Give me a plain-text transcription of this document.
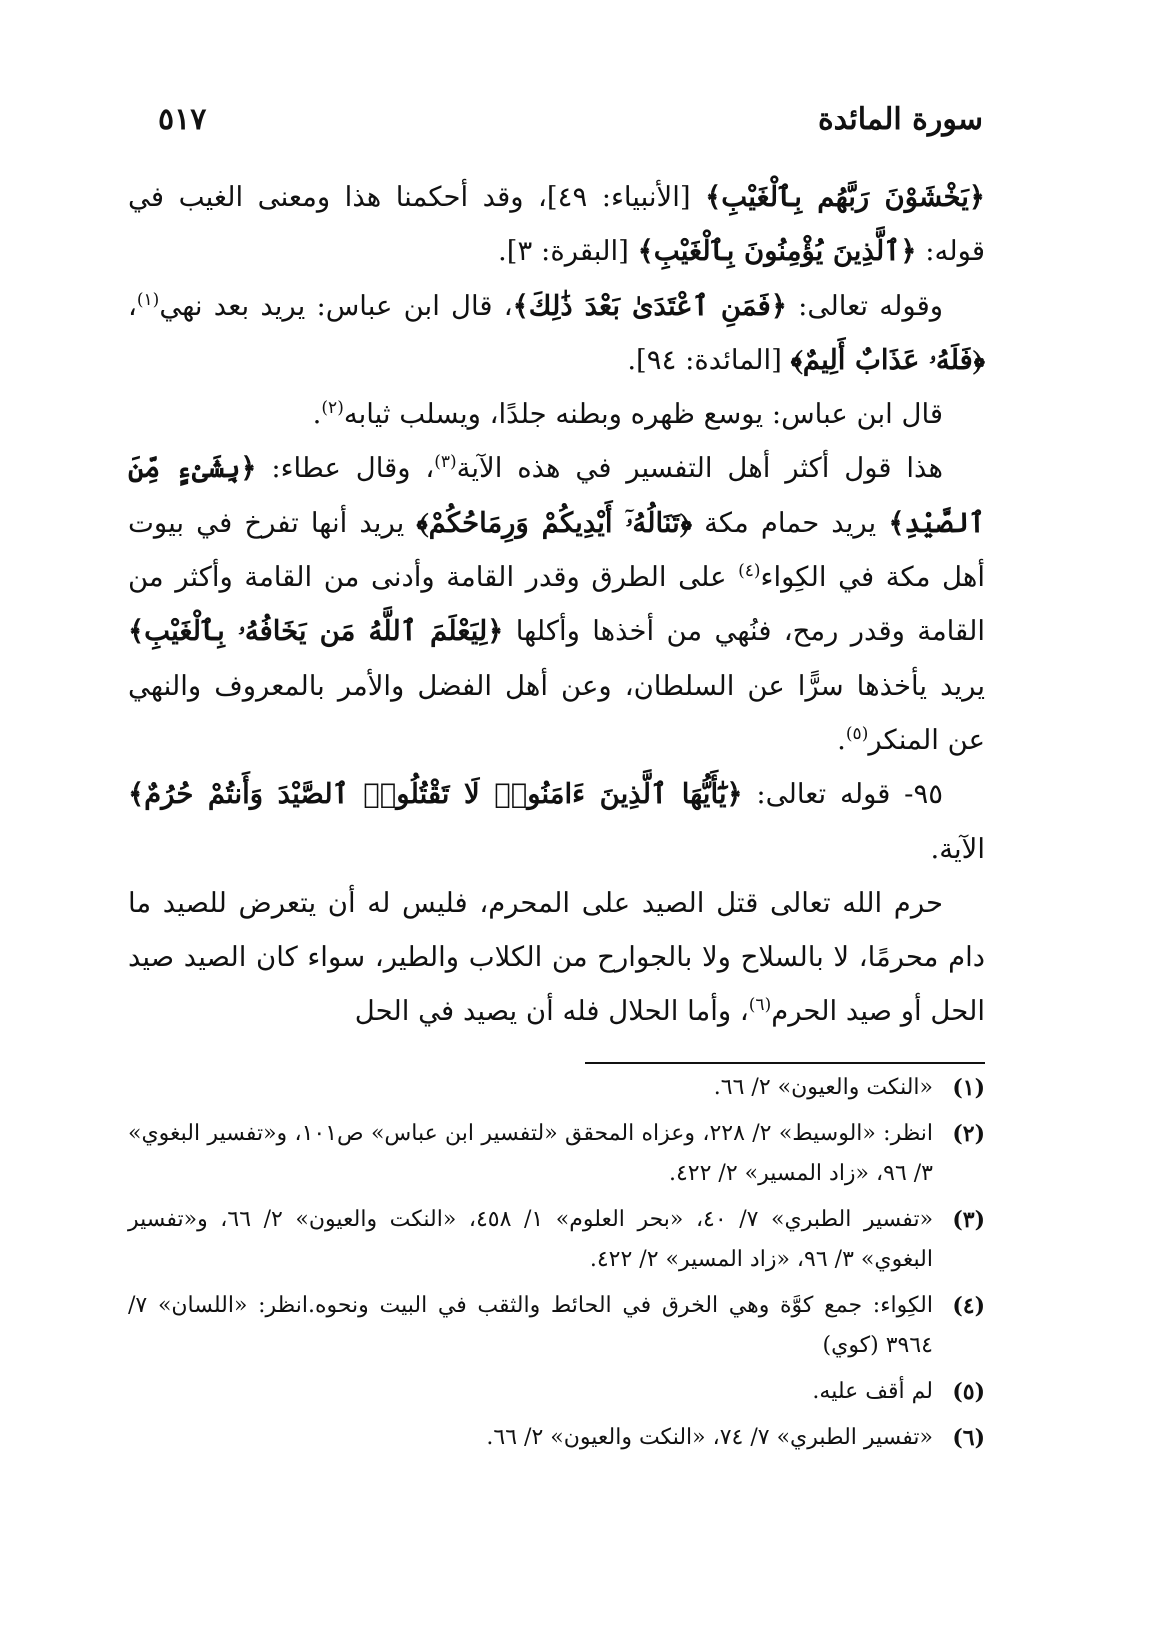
سورة المائدة
٥١٧

﴿يَخْشَوْنَ رَبَّهُم بِٱلْغَيْبِ﴾ [الأنبياء: ٤٩]، وقد أحكمنا هذا ومعنى الغيب في قوله: ﴿ٱلَّذِينَ يُؤْمِنُونَ بِٱلْغَيْبِ﴾ [البقرة: ٣].

وقوله تعالى: ﴿فَمَنِ ٱعْتَدَىٰ بَعْدَ ذَٰلِكَ﴾، قال ابن عباس: يريد بعد نهي$^{(١)}$، ﴿فَلَهُۥ عَذَابٌ أَلِيمٌ﴾ [المائدة: ٩٤].

قال ابن عباس: يوسع ظهره وبطنه جلدًا، ويسلب ثيابه$^{(٢)}$.

هذا قول أكثر أهل التفسير في هذه الآية$^{(٣)}$، وقال عطاء: ﴿بِشَىْءٍ مِّنَ ٱلصَّيْدِ﴾ يريد حمام مكة ﴿تَنَالُهُۥٓ أَيْدِيكُمْ وَرِمَاحُكُمْ﴾ يريد أنها تفرخ في بيوت أهل مكة في الكِواء$^{(٤)}$ على الطرق وقدر القامة وأدنى من القامة وأكثر من القامة وقدر رمح، فنُهي من أخذها وأكلها ﴿لِيَعْلَمَ ٱللَّهُ مَن يَخَافُهُۥ بِٱلْغَيْبِ﴾ يريد يأخذها سرًّا عن السلطان، وعن أهل الفضل والأمر بالمعروف والنهي عن المنكر$^{(٥)}$.

٩٥- قوله تعالى: ﴿يَٰٓأَيُّهَا ٱلَّذِينَ ءَامَنُوا۟ لَا تَقْتُلُوا۟ ٱلصَّيْدَ وَأَنتُمْ حُرُمٌ﴾ الآية.

حرم الله تعالى قتل الصيد على المحرم، فليس له أن يتعرض للصيد ما دام محرمًا، لا بالسلاح ولا بالجوارح من الكلاب والطير، سواء كان الصيد صيد الحل أو صيد الحرم$^{(٦)}$، وأما الحلال فله أن يصيد في الحل

(١)
«النكت والعيون» ٢/ ٦٦.
(٢)
انظر: «الوسيط» ٢/ ٢٢٨، وعزاه المحقق «لتفسير ابن عباس» ص١٠١، و«تفسير البغوي» ٣/ ٩٦، «زاد المسير» ٢/ ٤٢٢.
(٣)
«تفسير الطبري» ٧/ ٤٠، «بحر العلوم» ١/ ٤٥٨، «النكت والعيون» ٢/ ٦٦، و«تفسير البغوي» ٣/ ٩٦، «زاد المسير» ٢/ ٤٢٢.
(٤)
الكِواء: جمع كوَّة وهي الخرق في الحائط والثقب في البيت ونحوه.انظر: «اللسان» ٧/ ٣٩٦٤ (كوي)
(٥)
لم أقف عليه.
(٦)
«تفسير الطبري» ٧/ ٧٤، «النكت والعيون» ٢/ ٦٦.
